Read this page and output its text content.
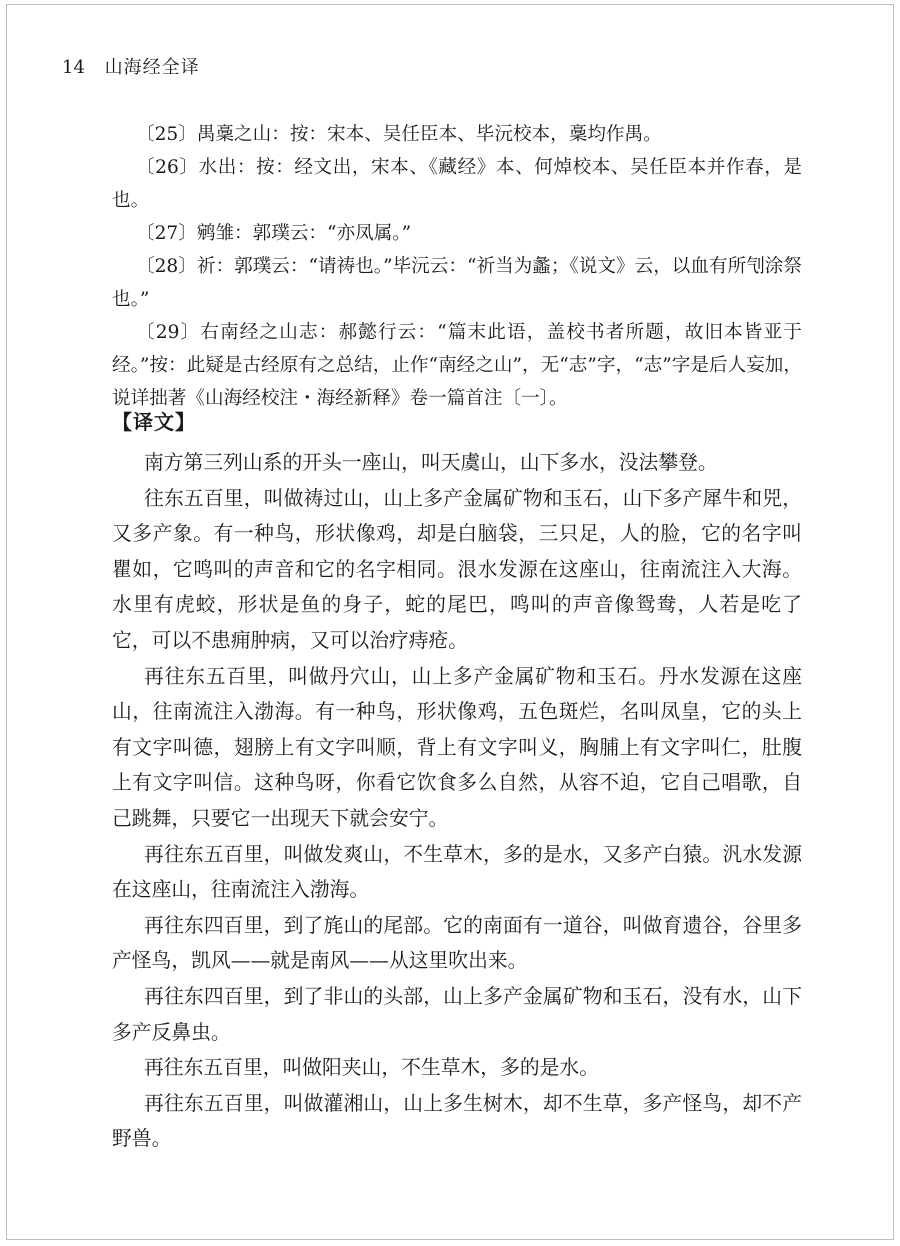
14 山海经全译

〔25〕禺稾之山：按：宋本、吴任臣本、毕沅校本，稾均作禺。

〔26〕水出：按：经文出，宋本、《藏经》本、何焯校本、吴任臣本并作春，是也。

〔27〕鹓雏：郭璞云：“亦凤属。”

〔28〕祈：郭璞云：“请祷也。”毕沅云：“祈当为蠡；《说文》云，以血有所刏涂祭也。”

〔29〕右南经之山志：郝懿行云：“篇末此语，盖校书者所题，故旧本皆亚于经。”按：此疑是古经原有之总结，止作“南经之山”，无“志”字，“志”字是后人妄加，说详拙著《山海经校注・海经新释》卷一篇首注〔一〕。

【译文】

南方第三列山系的开头一座山，叫天虞山，山下多水，没法攀登。

往东五百里，叫做祷过山，山上多产金属矿物和玉石，山下多产犀牛和兕，又多产象。有一种鸟，形状像鸡，却是白脑袋，三只足，人的脸，它的名字叫瞿如，它鸣叫的声音和它的名字相同。泿水发源在这座山，往南流注入大海。水里有虎蛟，形状是鱼的身子，蛇的尾巴，鸣叫的声音像鸳鸯，人若是吃了它，可以不患痈肿病，又可以治疗痔疮。

再往东五百里，叫做丹穴山，山上多产金属矿物和玉石。丹水发源在这座山，往南流注入渤海。有一种鸟，形状像鸡，五色斑烂，名叫凤皇，它的头上有文字叫德，翅膀上有文字叫顺，背上有文字叫义，胸脯上有文字叫仁，肚腹上有文字叫信。这种鸟呀，你看它饮食多么自然，从容不迫，它自己唱歌，自己跳舞，只要它一出现天下就会安宁。

再往东五百里，叫做发爽山，不生草木，多的是水，又多产白猿。汎水发源在这座山，往南流注入渤海。

再往东四百里，到了旄山的尾部。它的南面有一道谷，叫做育遗谷，谷里多产怪鸟，凯风——就是南风——从这里吹出来。

再往东四百里，到了非山的头部，山上多产金属矿物和玉石，没有水，山下多产反鼻虫。

再往东五百里，叫做阳夹山，不生草木，多的是水。

再往东五百里，叫做灌湘山，山上多生树木，却不生草，多产怪鸟，却不产野兽。
